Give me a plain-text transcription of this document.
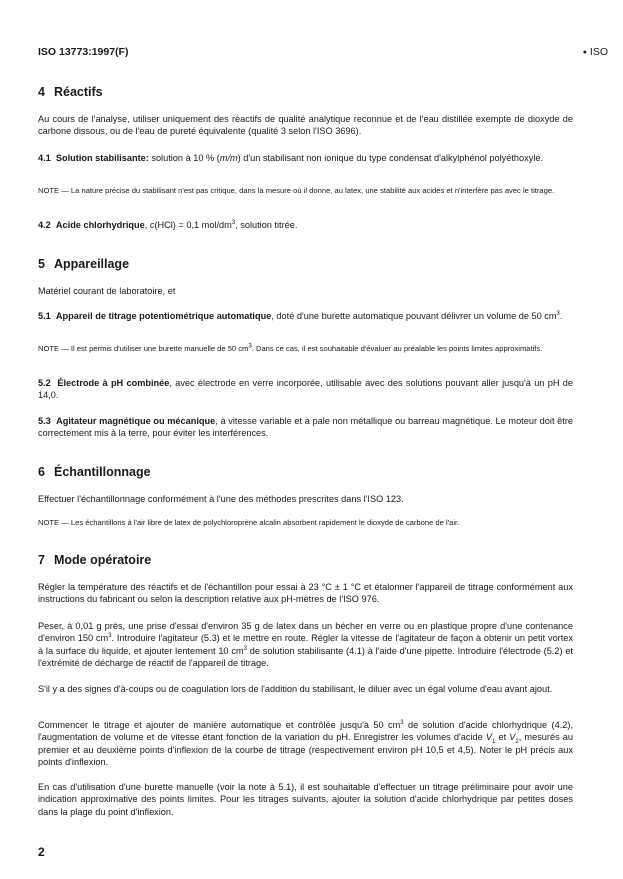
ISO 13773:1997(F)	● ISO
4 Réactifs

Au cours de l'analyse, utiliser uniquement des réactifs de qualité analytique reconnue et de l'eau distillée exempte de dioxyde de carbone dissous, ou de l'eau de pureté équivalente (qualité 3 selon l'ISO 3696).

4.1 Solution stabilisante: solution à 10 % (m/m) d'un stabilisant non ionique du type condensat d'alkylphénol polyéthoxylé.

NOTE — La nature précise du stabilisant n'est pas critique, dans la mesure où il donne, au latex, une stabilité aux acides et n'interfère pas avec le titrage.

4.2 Acide chlorhydrique, c(HCl) = 0,1 mol/$dm^3$, solution titrée.

5 Appareillage

Matériel courant de laboratoire, et

5.1 Appareil de titrage potentiométrique automatique, doté d'une burette automatique pouvant délivrer un volume de 50 $cm^3$.

NOTE — Il est permis d'utiliser une burette manuelle de 50 $cm^3$. Dans ce cas, il est souhaitable d'évaluer au préalable les points limites approximatifs.

5.2 Électrode à pH combinée, avec électrode en verre incorporée, utilisable avec des solutions pouvant aller jusqu'à un pH de 14,0.

5.3 Agitateur magnétique ou mécanique, à vitesse variable et à pale non métallique ou barreau magnétique. Le moteur doit être correctement mis à la terre, pour éviter les interférences.

6 Échantillonnage

Effectuer l'échantillonnage conformément à l'une des méthodes prescrites dans l'ISO 123.

NOTE — Les échantillons à l'air libre de latex de polychloroprène alcalin absorbent rapidement le dioxyde de carbone de l'air.

7 Mode opératoire

Régler la température des réactifs et de l'échantillon pour essai à 23 °C ± 1 °C et étalonner l'appareil de titrage conformément aux instructions du fabricant ou selon la description relative aux pH-mètres de l'ISO 976.

Peser, à 0,01 g près, une prise d'essai d'environ 35 g de latex dans un bécher en verre ou en plastique propre d'une contenance d'environ 150 $cm^3$. Introduire l'agitateur (5.3) et le mettre en route. Régler la vitesse de l'agitateur de façon à obtenir un petit vortex à la surface du liquide, et ajouter lentement 10 $cm^3$ de solution stabilisante (4.1) à l'aide d'une pipette. Introduire l'électrode (5.2) et l'extrémité de décharge de réactif de l'appareil de titrage.

S'il y a des signes d'à-coups ou de coagulation lors de l'addition du stabilisant, le diluer avec un égal volume d'eau avant ajout.

Commencer le titrage et ajouter de manière automatique et contrôlée jusqu'à 50 $cm^3$ de solution d'acide chlorhydrique (4.2), l'augmentation de volume et de vitesse étant fonction de la variation du pH. Enregistrer les volumes d'acide $V_1$ et $V_2$, mesurés au premier et au deuxième points d'inflexion de la courbe de titrage (respectivement environ pH 10,5 et 4,5). Noter le pH précis aux points d'inflexion.

En cas d'utilisation d'une burette manuelle (voir la note à 5.1), il est souhaitable d'effectuer un titrage préliminaire pour avoir une indication approximative des points limites. Pour les titrages suivants, ajouter la solution d'acide chlorhydrique par petites doses dans la plage du point d'inflexion.

2
